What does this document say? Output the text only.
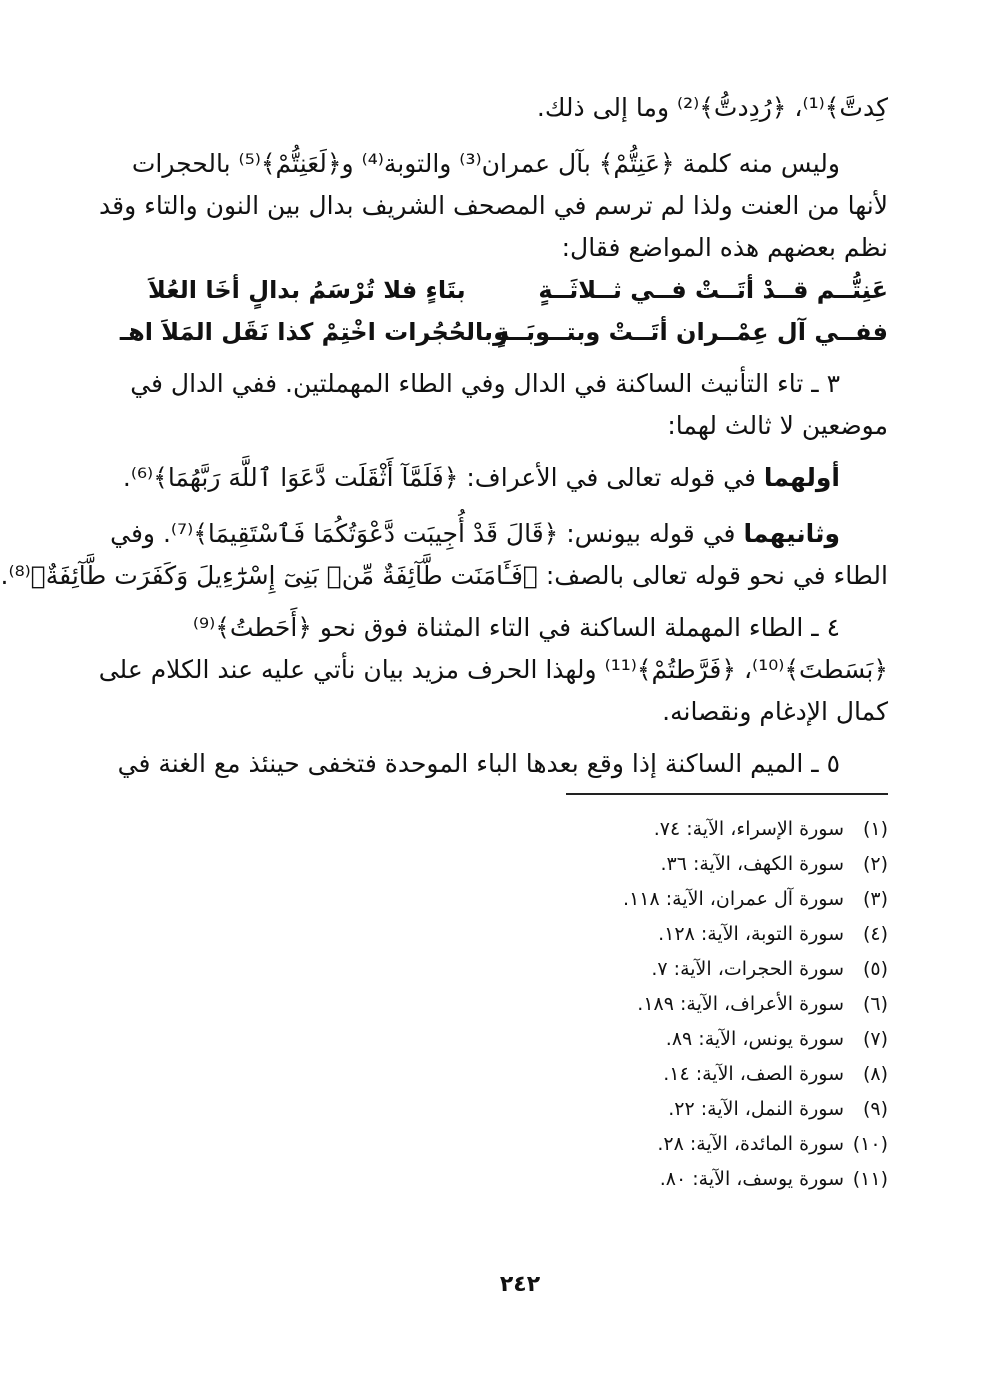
كِدتَّ﴾⁽¹⁾، ﴿رُدِدتُّ﴾⁽²⁾ وما إلى ذلك.

وليس منه كلمة ﴿عَنِتُّمْ﴾ بآل عمران⁽³⁾ والتوبة⁽⁴⁾ و﴿لَعَنِتُّمْ﴾⁽⁵⁾ بالحجرات

لأنها من العنت ولذا لم ترسم في المصحف الشريف بدال بين النون والتاء وقد

نظم بعضهم هذه المواضع فقال:

عَنِتُّــم قــدْ أتَــتْ فــي ثــلاثَــةٍ

بتَاءٍ فلا تُرْسَمُ بدالٍ أخَا العُلاَ

ففــي آل عِمْــران أتَــتْ وبتــوبَــةٍ

وبالحُجُرات اخْتِمْ كذا نَقَل المَلاَ اهـ

٣ ـ تاء التأنيث الساكنة في الدال وفي الطاء المهملتين. ففي الدال في

موضعين لا ثالث لهما:

أولهما في قوله تعالى في الأعراف: ﴿فَلَمَّآ أَثْقَلَت دَّعَوَا ٱللَّهَ رَبَّهُمَا﴾⁽⁶⁾.

وثانيهما في قوله بيونس: ﴿قَالَ قَدْ أُجِيبَت دَّعْوَتُكُمَا فَٱسْتَقِيمَا﴾⁽⁷⁾. وفي

الطاء في نحو قوله تعالى بالصف: ﴿فَـَٔامَنَت طَّآئِفَةٌ مِّنۢ بَنِىٓ إِسْرَٰٓءِيلَ وَكَفَرَت طَّآئِفَةٌ﴾⁽⁸⁾.

٤ ـ الطاء المهملة الساكنة في التاء المثناة فوق نحو ﴿أَحَطتُ﴾⁽⁹⁾

﴿بَسَطتَ﴾⁽¹⁰⁾، ﴿فَرَّطتُمْ﴾⁽¹¹⁾ ولهذا الحرف مزيد بيان نأتي عليه عند الكلام على

كمال الإدغام ونقصانه.

٥ ـ الميم الساكنة إذا وقع بعدها الباء الموحدة فتخفى حينئذ مع الغنة في

(١)سورة الإسراء، الآية: ٧٤.

(٢)سورة الكهف، الآية: ٣٦.

(٣)سورة آل عمران، الآية: ١١٨.

(٤)سورة التوبة، الآية: ١٢٨.

(٥)سورة الحجرات، الآية: ٧.

(٦)سورة الأعراف، الآية: ١٨٩.

(٧)سورة يونس، الآية: ٨٩.

(٨)سورة الصف، الآية: ١٤.

(٩)سورة النمل، الآية: ٢٢.

(١٠)سورة المائدة، الآية: ٢٨.

(١١)سورة يوسف، الآية: ٨٠.

٢٤٢
